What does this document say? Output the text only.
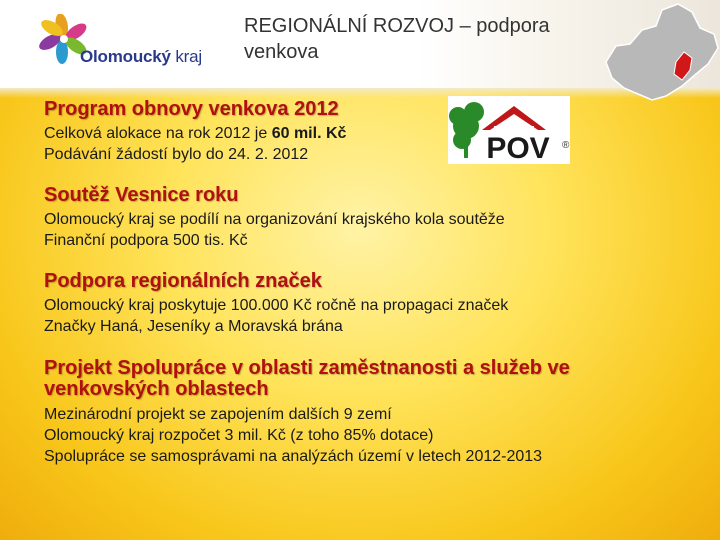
Olomoucký kraj
REGIONÁLNÍ ROZVOJ – podpora
venkova
POV ®
Program obnovy venkova 2012
Celková alokace na rok 2012 je 60 mil. Kč
Podávání žádostí bylo do 24. 2. 2012
Soutěž Vesnice roku
Olomoucký kraj se podílí na organizování krajského kola soutěže
Finanční podpora 500 tis. Kč
Podpora regionálních značek
Olomoucký kraj poskytuje 100.000 Kč ročně na propagaci značek
Značky Haná, Jeseníky a Moravská brána
Projekt Spolupráce v oblasti zaměstnanosti a služeb ve
venkovských oblastech
Mezinárodní projekt se zapojením dalších 9 zemí
Olomoucký kraj rozpočet 3 mil. Kč (z toho 85% dotace)
Spolupráce se samosprávami na analýzách území v letech 2012-2013
